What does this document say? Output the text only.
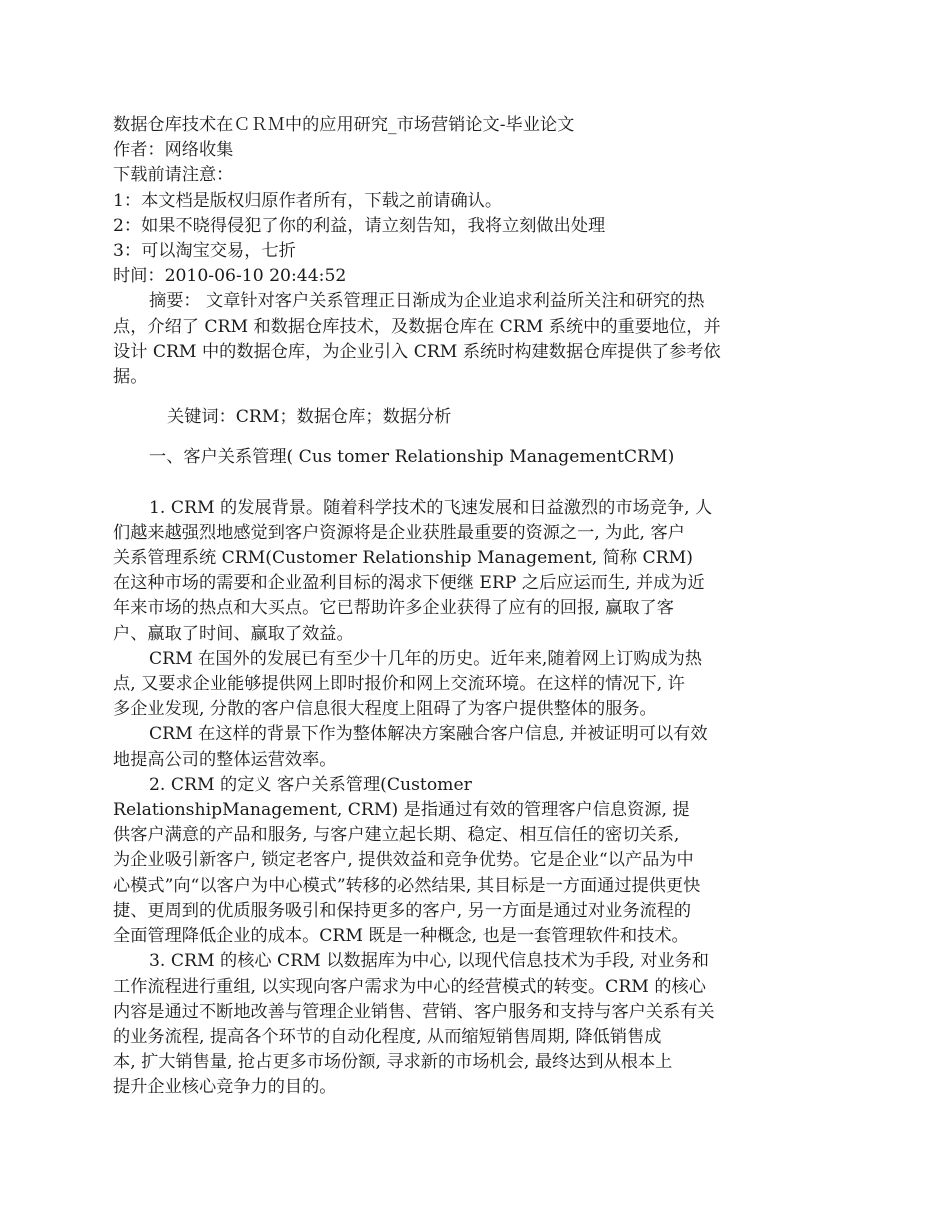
数据仓库技术在ＣＲＭ中的应用研究_市场营销论文-毕业论文
作者：网络收集
下载前请注意：
1：本文档是版权归原作者所有，下载之前请确认。
2：如果不晓得侵犯了你的利益，请立刻告知，我将立刻做出处理
3：可以淘宝交易，七折
时间：2010-06-10 20:44:52
摘要： 文章针对客户关系管理正日渐成为企业追求利益所关注和研究的热
点，介绍了 CRM 和数据仓库技术，及数据仓库在 CRM 系统中的重要地位，并
设计 CRM 中的数据仓库，为企业引入 CRM 系统时构建数据仓库提供了参考依
据。
关键词：CRM；数据仓库；数据分析
一、客户关系管理( Cus tomer Relationship ManagementCRM)
1. CRM 的发展背景。随着科学技术的飞速发展和日益激烈的市场竞争, 人
们越来越强烈地感觉到客户资源将是企业获胜最重要的资源之一, 为此, 客户
关系管理系统 CRM(Customer Relationship Management, 简称 CRM)
在这种市场的需要和企业盈利目标的渴求下便继 ERP 之后应运而生, 并成为近
年来市场的热点和大买点。它已帮助许多企业获得了应有的回报, 赢取了客
户、赢取了时间、赢取了效益。
CRM 在国外的发展已有至少十几年的历史。近年来,随着网上订购成为热
点, 又要求企业能够提供网上即时报价和网上交流环境。在这样的情况下, 许
多企业发现, 分散的客户信息很大程度上阻碍了为客户提供整体的服务。
CRM 在这样的背景下作为整体解决方案融合客户信息, 并被证明可以有效
地提高公司的整体运营效率。
2. CRM 的定义 客户关系管理(Customer
RelationshipManagement, CRM) 是指通过有效的管理客户信息资源, 提
供客户满意的产品和服务, 与客户建立起长期、稳定、相互信任的密切关系,
为企业吸引新客户, 锁定老客户, 提供效益和竞争优势。它是企业“以产品为中
心模式”向“以客户为中心模式”转移的必然结果, 其目标是一方面通过提供更快
捷、更周到的优质服务吸引和保持更多的客户, 另一方面是通过对业务流程的
全面管理降低企业的成本。CRM 既是一种概念, 也是一套管理软件和技术。
3. CRM 的核心 CRM 以数据库为中心, 以现代信息技术为手段, 对业务和
工作流程进行重组, 以实现向客户需求为中心的经营模式的转变。CRM 的核心
内容是通过不断地改善与管理企业销售、营销、客户服务和支持与客户关系有关
的业务流程, 提高各个环节的自动化程度, 从而缩短销售周期, 降低销售成
本, 扩大销售量, 抢占更多市场份额, 寻求新的市场机会, 最终达到从根本上
提升企业核心竞争力的目的。
